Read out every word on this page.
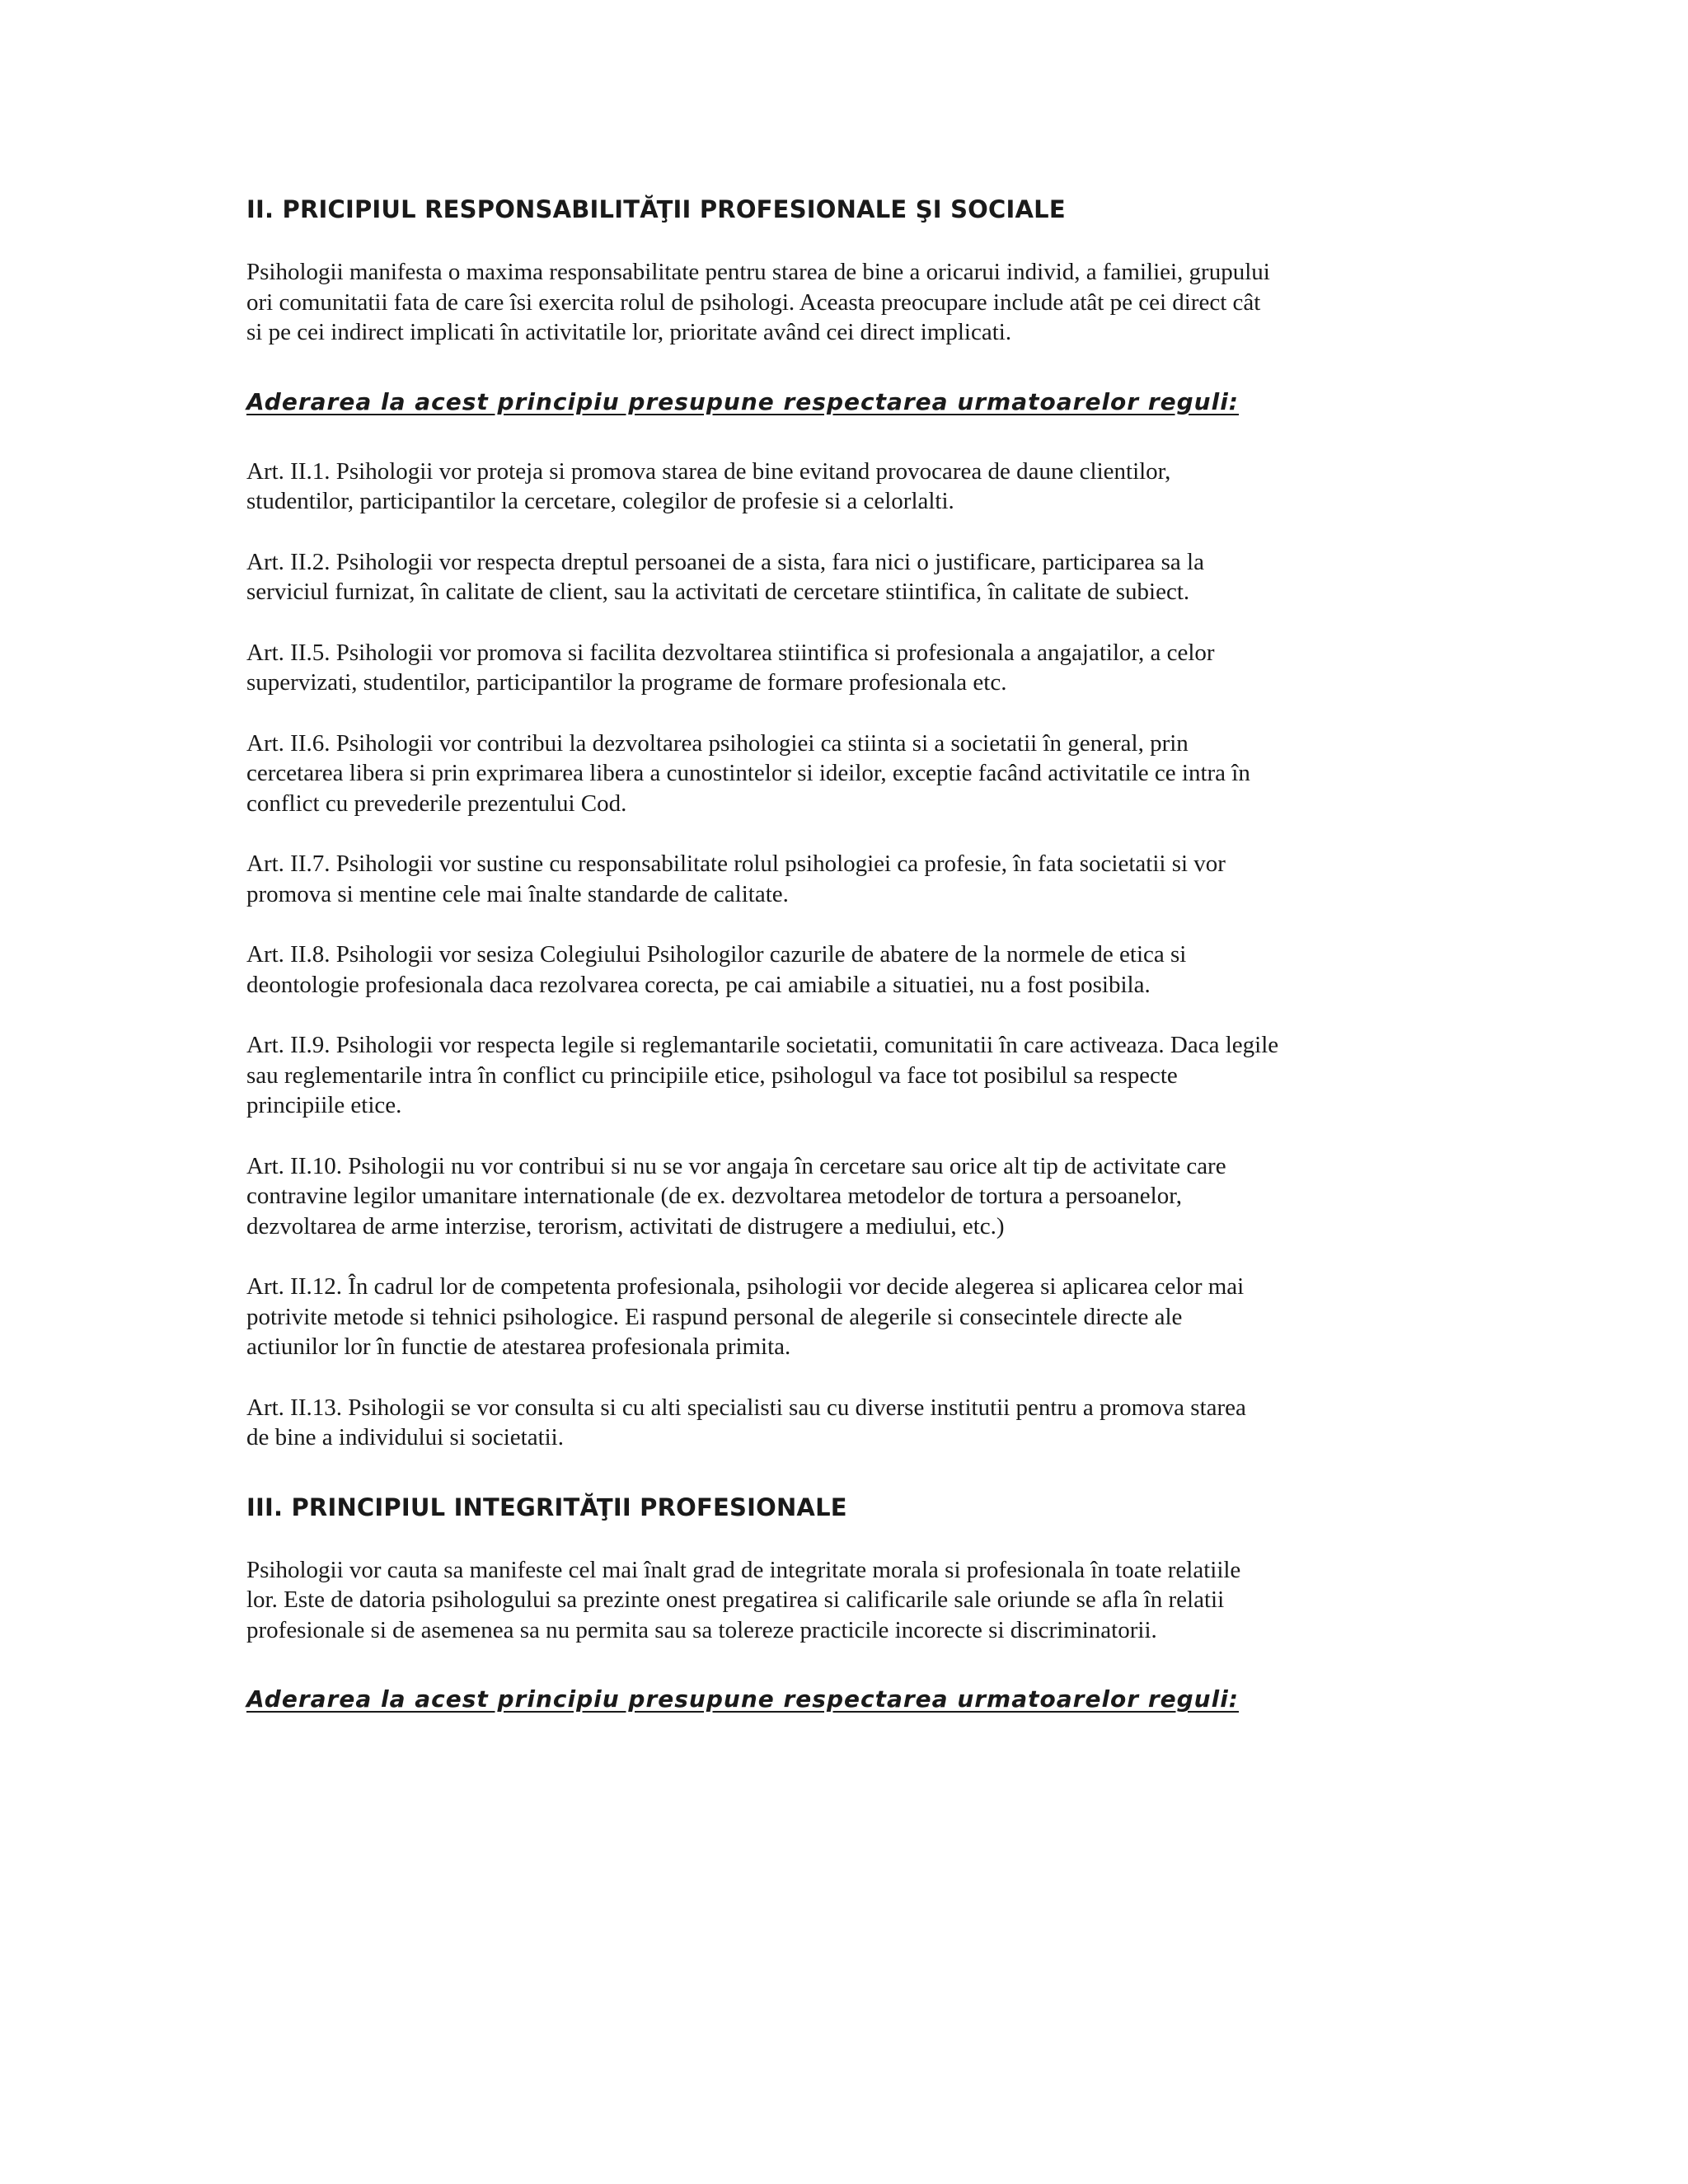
II. PRICIPIUL RESPONSABILITĂŢII PROFESIONALE ŞI SOCIALE

Psihologii manifesta o maxima responsabilitate pentru starea de bine a oricarui individ, a familiei, grupului
ori comunitatii fata de care îsi exercita rolul de psihologi. Aceasta preocupare include atât pe cei direct cât
si pe cei indirect implicati în activitatile lor, prioritate având cei direct implicati.

Aderarea la acest principiu presupune respectarea urmatoarelor reguli:

Art. II.1. Psihologii vor proteja si promova starea de bine evitand provocarea de daune clientilor,
studentilor, participantilor la cercetare, colegilor de profesie si a celorlalti.

Art. II.2. Psihologii vor respecta dreptul persoanei de a sista, fara nici o justificare, participarea sa la
serviciul furnizat, în calitate de client, sau la activitati de cercetare stiintifica, în calitate de subiect.

Art. II.5. Psihologii vor promova si facilita dezvoltarea stiintifica si profesionala a angajatilor, a celor
supervizati, studentilor, participantilor la programe de formare profesionala etc.

Art. II.6. Psihologii vor contribui la dezvoltarea psihologiei ca stiinta si a societatii în general, prin
cercetarea libera si prin exprimarea libera a cunostintelor si ideilor, exceptie facând activitatile ce intra în
conflict cu prevederile prezentului Cod.

Art. II.7. Psihologii vor sustine cu responsabilitate rolul psihologiei ca profesie, în fata societatii si vor
promova si mentine cele mai înalte standarde de calitate.

Art. II.8. Psihologii vor sesiza Colegiului Psihologilor cazurile de abatere de la normele de etica si
deontologie profesionala daca rezolvarea corecta, pe cai amiabile a situatiei, nu a fost posibila.

Art. II.9. Psihologii vor respecta legile si reglemantarile societatii, comunitatii în care activeaza. Daca legile
sau reglementarile intra în conflict cu principiile etice, psihologul va face tot posibilul sa respecte
principiile etice.

Art. II.10. Psihologii nu vor contribui si nu se vor angaja în cercetare sau orice alt tip de activitate care
contravine legilor umanitare internationale (de ex. dezvoltarea metodelor de tortura a persoanelor,
dezvoltarea de arme interzise, terorism, activitati de distrugere a mediului, etc.)

Art. II.12. În cadrul lor de competenta profesionala, psihologii vor decide alegerea si aplicarea celor mai
potrivite metode si tehnici psihologice. Ei raspund personal de alegerile si consecintele directe ale
actiunilor lor în functie de atestarea profesionala primita.

Art. II.13. Psihologii se vor consulta si cu alti specialisti sau cu diverse institutii pentru a promova starea
de bine a individului si societatii.

III. PRINCIPIUL INTEGRITĂŢII PROFESIONALE

Psihologii vor cauta sa manifeste cel mai înalt grad de integritate morala si profesionala în toate relatiile
lor. Este de datoria psihologului sa prezinte onest pregatirea si calificarile sale oriunde se afla în relatii
profesionale si de asemenea sa nu permita sau sa tolereze practicile incorecte si discriminatorii.

Aderarea la acest principiu presupune respectarea urmatoarelor reguli:
